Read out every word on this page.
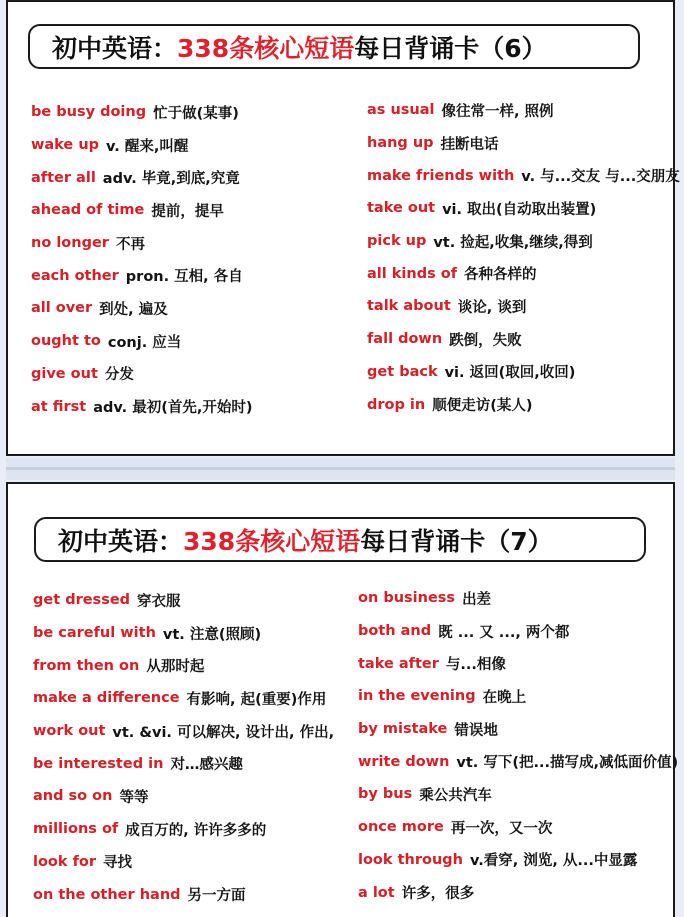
初中英语： 338条核心短语 每日背诵卡（6）
be busy doing 忙于做(某事)
wake up v. 醒来,叫醒
after all adv. 毕竟,到底,究竟
ahead of time 提前，提早
no longer 不再
each other pron. 互相, 各自
all over 到处, 遍及
ought to conj. 应当
give out 分发
at first adv. 最初(首先,开始时)
as usual 像往常一样, 照例
hang up 挂断电话
make friends with v. 与...交友 与...交朋友
take out vi. 取出(自动取出装置)
pick up vt. 捡起,收集,继续,得到
all kinds of 各种各样的
talk about 谈论, 谈到
fall down 跌倒，失败
get back vi. 返回(取回,收回)
drop in 顺便走访(某人)
初中英语： 338条核心短语 每日背诵卡（7）
get dressed 穿衣服
be careful with vt. 注意(照顾)
from then on 从那时起
make a difference 有影响, 起(重要)作用
work out vt. &vi. 可以解决, 设计出, 作出,
be interested in 对…感兴趣
and so on 等等
millions of 成百万的, 许许多多的
look for 寻找
on the other hand 另一方面
on business 出差
both and 既 ... 又 ..., 两个都
take after 与...相像
in the evening 在晚上
by mistake 错误地
write down vt. 写下(把...描写成,减低面价值)
by bus 乘公共汽车
once more 再一次，又一次
look through v.看穿, 浏览, 从...中显露
a lot 许多，很多
